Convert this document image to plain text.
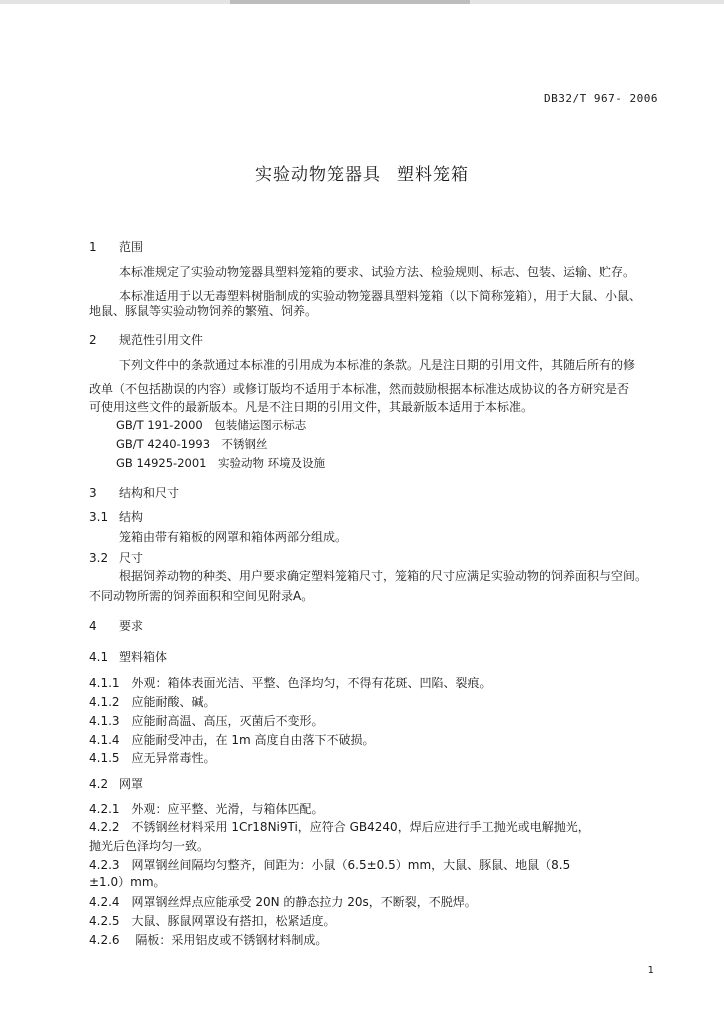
DB32/T 967- 2006
实验动物笼器具 塑料笼箱
1 范围
本标准规定了实验动物笼器具塑料笼箱的要求、试验方法、检验规则、标志、包装、运输、贮存。
本标准适用于以无毒塑料树脂制成的实验动物笼器具塑料笼箱（以下简称笼箱），用于大鼠、小鼠、
地鼠、豚鼠等实验动物饲养的繁殖、饲养。
2 规范性引用文件
下列文件中的条款通过本标准的引用成为本标准的条款。凡是注日期的引用文件，其随后所有的修
改单（不包括勘误的内容）或修订版均不适用于本标准，然而鼓励根据本标准达成协议的各方研究是否
可使用这些文件的最新版本。凡是不注日期的引用文件，其最新版本适用于本标准。
GB/T 191-2000　包装储运图示标志
GB/T 4240-1993　不锈钢丝
GB 14925-2001　实验动物 环境及设施
3 结构和尺寸
3.1 结构
笼箱由带有箱板的网罩和箱体两部分组成。
3.2 尺寸
根据饲养动物的种类、用户要求确定塑料笼箱尺寸，笼箱的尺寸应满足实验动物的饲养面积与空间。
不同动物所需的饲养面积和空间见附录A。
4 要求
4.1 塑料箱体
4.1.1　外观：箱体表面光洁、平整、色泽均匀，不得有花斑、凹陷、裂痕。
4.1.2　应能耐酸、碱。
4.1.3　应能耐高温、高压，灭菌后不变形。
4.1.4　应能耐受冲击，在 1m 高度自由落下不破损。
4.1.5　应无异常毒性。
4.2 网罩
4.2.1　外观：应平整、光滑，与箱体匹配。
4.2.2　不锈钢丝材料采用 1Cr18Ni9Ti，应符合 GB4240，焊后应进行手工抛光或电解抛光，
抛光后色泽均匀一致。
4.2.3　网罩钢丝间隔均匀整齐，间距为：小鼠（6.5±0.5）mm，大鼠、豚鼠、地鼠（8.5
±1.0）mm。
4.2.4　网罩钢丝焊点应能承受 20N 的静态拉力 20s，不断裂，不脱焊。
4.2.5　大鼠、豚鼠网罩设有搭扣，松紧适度。
4.2.6　 隔板：采用铝皮或不锈钢材料制成。
1
